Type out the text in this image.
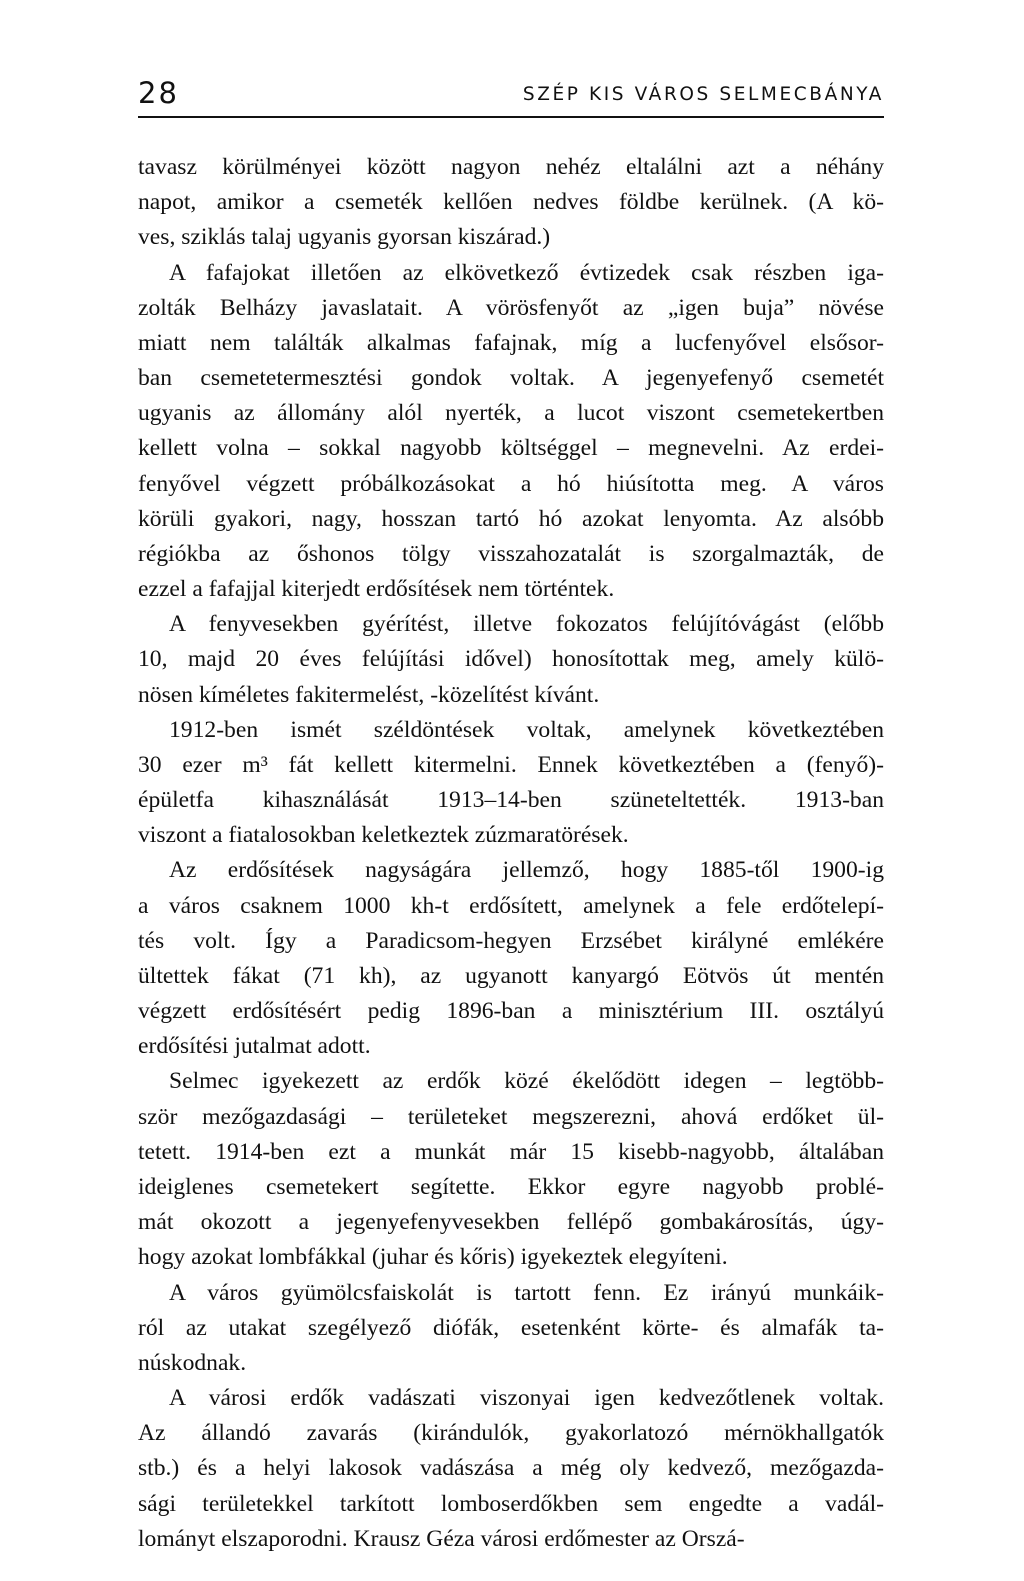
28	SZÉP KIS VÁROS SELMECBÁNYA
tavasz körülményei között nagyon nehéz eltalálni azt a néhány
napot, amikor a csemeték kellően nedves földbe kerülnek. (A kö-
ves, sziklás talaj ugyanis gyorsan kiszárad.)
A fafajokat illetően az elkövetkező évtizedek csak részben iga-
zolták Belházy javaslatait. A vörösfenyőt az „igen buja” növése
miatt nem találták alkalmas fafajnak, míg a lucfenyővel elsősor-
ban csemetetermesztési gondok voltak. A jegenyefenyő csemetét
ugyanis az állomány alól nyerték, a lucot viszont csemetekertben
kellett volna – sokkal nagyobb költséggel – megnevelni. Az erdei-
fenyővel végzett próbálkozásokat a hó hiúsította meg. A város
körüli gyakori, nagy, hosszan tartó hó azokat lenyomta. Az alsóbb
régiókba az őshonos tölgy visszahozatalát is szorgalmazták, de
ezzel a fafajjal kiterjedt erdősítések nem történtek.
A fenyvesekben gyérítést, illetve fokozatos felújítóvágást (előbb
10, majd 20 éves felújítási idővel) honosítottak meg, amely külö-
nösen kíméletes fakitermelést, -közelítést kívánt.
1912-ben ismét széldöntések voltak, amelynek következtében
30 ezer m³ fát kellett kitermelni. Ennek következtében a (fenyő)-
épületfa kihasználását 1913–14-ben szüneteltették. 1913-ban
viszont a fiatalosokban keletkeztek zúzmaratörések.
Az erdősítések nagyságára jellemző, hogy 1885-től 1900-ig
a város csaknem 1000 kh-t erdősített, amelynek a fele erdőtelepí-
tés volt. Így a Paradicsom-hegyen Erzsébet királyné emlékére
ültettek fákat (71 kh), az ugyanott kanyargó Eötvös út mentén
végzett erdősítésért pedig 1896-ban a minisztérium III. osztályú
erdősítési jutalmat adott.
Selmec igyekezett az erdők közé ékelődött idegen – legtöbb-
ször mezőgazdasági – területeket megszerezni, ahová erdőket ül-
tetett. 1914-ben ezt a munkát már 15 kisebb-nagyobb, általában
ideiglenes csemetekert segítette. Ekkor egyre nagyobb problé-
mát okozott a jegenyefenyvesekben fellépő gombakárosítás, úgy-
hogy azokat lombfákkal (juhar és kőris) igyekeztek elegyíteni.
A város gyümölcsfaiskolát is tartott fenn. Ez irányú munkáik-
ról az utakat szegélyező diófák, esetenként körte- és almafák ta-
núskodnak.
A városi erdők vadászati viszonyai igen kedvezőtlenek voltak.
Az állandó zavarás (kirándulók, gyakorlatozó mérnökhallgatók
stb.) és a helyi lakosok vadászása a még oly kedvező, mezőgazda-
sági területekkel tarkított lomboserdőkben sem engedte a vadál-
lományt elszaporodni. Krausz Géza városi erdőmester az Orszá-
